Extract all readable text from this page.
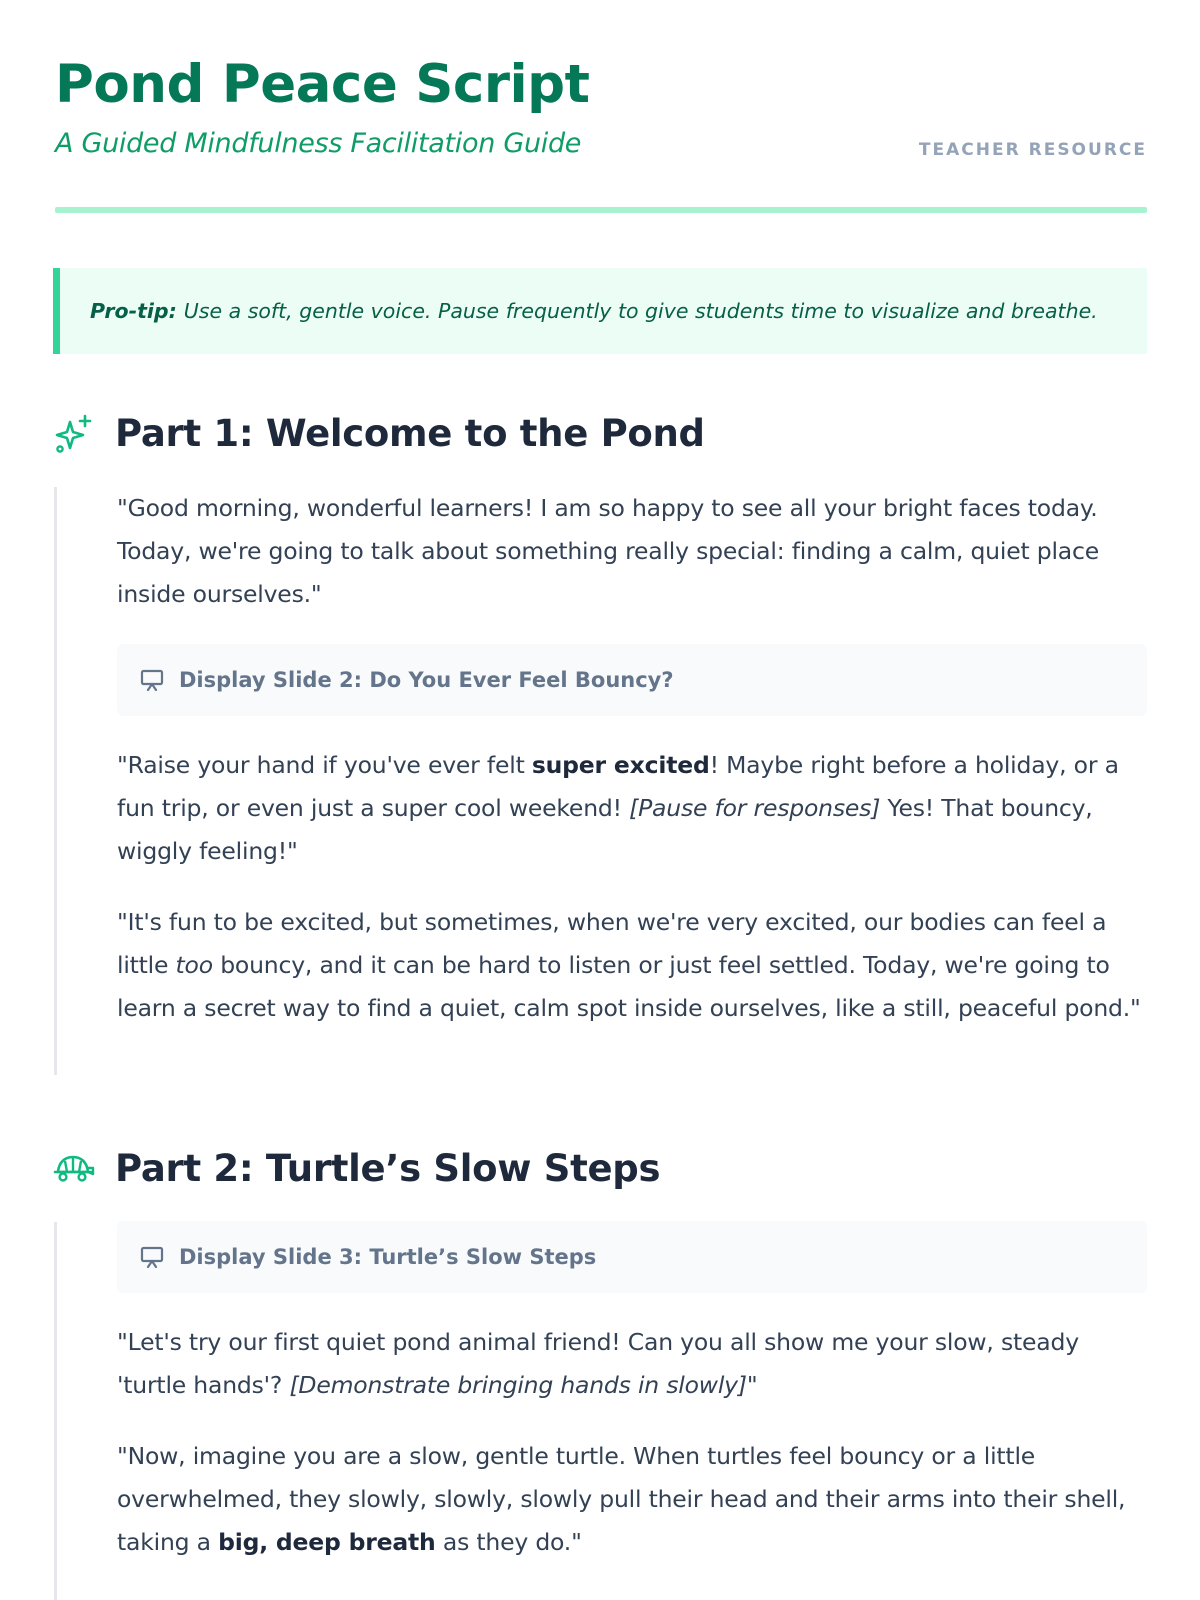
Pond Peace Script

A Guided Mindfulness Facilitation Guide	TEACHER RESOURCE
Pro-tip: Use a soft, gentle voice. Pause frequently to give students time to visualize and breathe.
Part 1: Welcome to the Pond

"Good morning, wonderful learners! I am so happy to see all your bright faces today. Today, we're going to talk about something really special: finding a calm, quiet place inside ourselves."

Display Slide 2: Do You Ever Feel Bouncy?

"Raise your hand if you've ever felt super excited! Maybe right before a holiday, or a fun trip, or even just a super cool weekend! [Pause for responses] Yes! That bouncy, wiggly feeling!"

"It's fun to be excited, but sometimes, when we're very excited, our bodies can feel a little too bouncy, and it can be hard to listen or just feel settled. Today, we're going to learn a secret way to find a quiet, calm spot inside ourselves, like a still, peaceful pond."

Part 2: Turtle’s Slow Steps
Display Slide 3: Turtle’s Slow Steps

"Let's try our first quiet pond animal friend! Can you all show me your slow, steady 'turtle hands'? [Demonstrate bringing hands in slowly]"

"Now, imagine you are a slow, gentle turtle. When turtles feel bouncy or a little overwhelmed, they slowly, slowly, slowly pull their head and their arms into their shell, taking a big, deep breath as they do."
